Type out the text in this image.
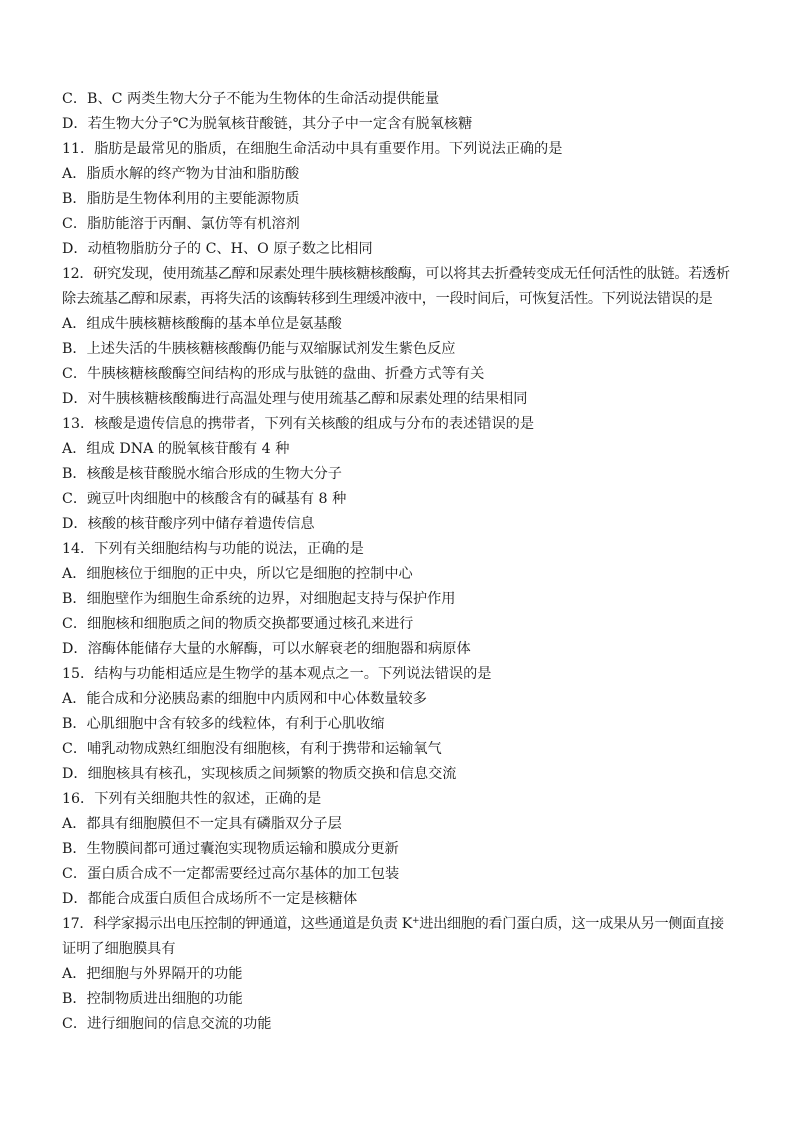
C．B、C 两类生物大分子不能为生物体的生命活动提供能量
D．若生物大分子℃为脱氧核苷酸链，其分子中一定含有脱氧核糖
11．脂肪是最常见的脂质，在细胞生命活动中具有重要作用。下列说法正确的是
A．脂质水解的终产物为甘油和脂肪酸
B．脂肪是生物体利用的主要能源物质
C．脂肪能溶于丙酮、氯仿等有机溶剂
D．动植物脂肪分子的 C、H、O 原子数之比相同
12．研究发现，使用巯基乙醇和尿素处理牛胰核糖核酸酶，可以将其去折叠转变成无任何活性的肽链。若透析
除去巯基乙醇和尿素，再将失活的该酶转移到生理缓冲液中，一段时间后，可恢复活性。下列说法错误的是
A．组成牛胰核糖核酸酶的基本单位是氨基酸
B．上述失活的牛胰核糖核酸酶仍能与双缩脲试剂发生紫色反应
C．牛胰核糖核酸酶空间结构的形成与肽链的盘曲、折叠方式等有关
D．对牛胰核糖核酸酶进行高温处理与使用巯基乙醇和尿素处理的结果相同
13．核酸是遗传信息的携带者，下列有关核酸的组成与分布的表述错误的是
A．组成 DNA 的脱氧核苷酸有 4 种
B．核酸是核苷酸脱水缩合形成的生物大分子
C．豌豆叶肉细胞中的核酸含有的碱基有 8 种
D．核酸的核苷酸序列中储存着遗传信息
14．下列有关细胞结构与功能的说法，正确的是
A．细胞核位于细胞的正中央，所以它是细胞的控制中心
B．细胞壁作为细胞生命系统的边界，对细胞起支持与保护作用
C．细胞核和细胞质之间的物质交换都要通过核孔来进行
D．溶酶体能储存大量的水解酶，可以水解衰老的细胞器和病原体
15．结构与功能相适应是生物学的基本观点之一。下列说法错误的是
A．能合成和分泌胰岛素的细胞中内质网和中心体数量较多
B．心肌细胞中含有较多的线粒体，有利于心肌收缩
C．哺乳动物成熟红细胞没有细胞核，有利于携带和运输氧气
D．细胞核具有核孔，实现核质之间频繁的物质交换和信息交流
16．下列有关细胞共性的叙述，正确的是
A．都具有细胞膜但不一定具有磷脂双分子层
B．生物膜间都可通过囊泡实现物质运输和膜成分更新
C．蛋白质合成不一定都需要经过高尔基体的加工包装
D．都能合成蛋白质但合成场所不一定是核糖体
17．科学家揭示出电压控制的钾通道，这些通道是负责 K+进出细胞的看门蛋白质，这一成果从另一侧面直接
证明了细胞膜具有
A．把细胞与外界隔开的功能
B．控制物质进出细胞的功能
C．进行细胞间的信息交流的功能
